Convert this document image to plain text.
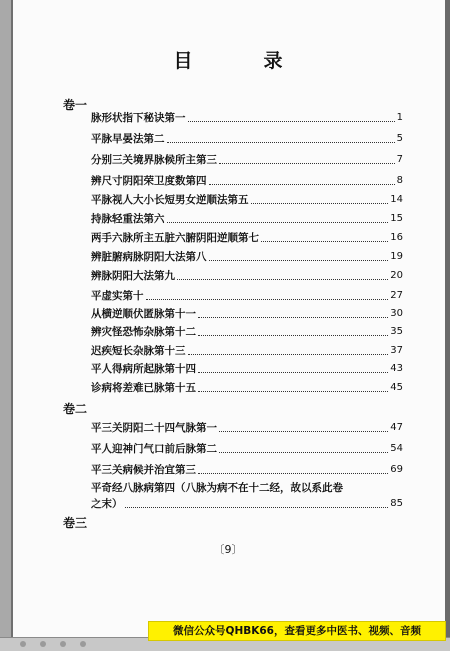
目　录
卷一
脉形状指下秘诀第一	1
平脉早晏法第二	5
分别三关境界脉候所主第三	7
辨尺寸阴阳荣卫度数第四	8
平脉视人大小长短男女逆顺法第五	14
持脉轻重法第六	15
两手六脉所主五脏六腑阴阳逆顺第七	16
辨脏腑病脉阴阳大法第八	19
辨脉阴阳大法第九	20
平虚实第十	27
从横逆顺伏匿脉第十一	30
辨灾怪恐怖杂脉第十二	35
迟疾短长杂脉第十三	37
平人得病所起脉第十四	43
诊病将差难已脉第十五	45
卷二
平三关阴阳二十四气脉第一	47
平人迎神门气口前后脉第二	54
平三关病候并治宜第三	69
平奇经八脉病第四（八脉为病不在十二经，故以系此卷
之末）	85
卷三
〔9〕
微信公众号QHBK66，查看更多中医书、视频、音频
